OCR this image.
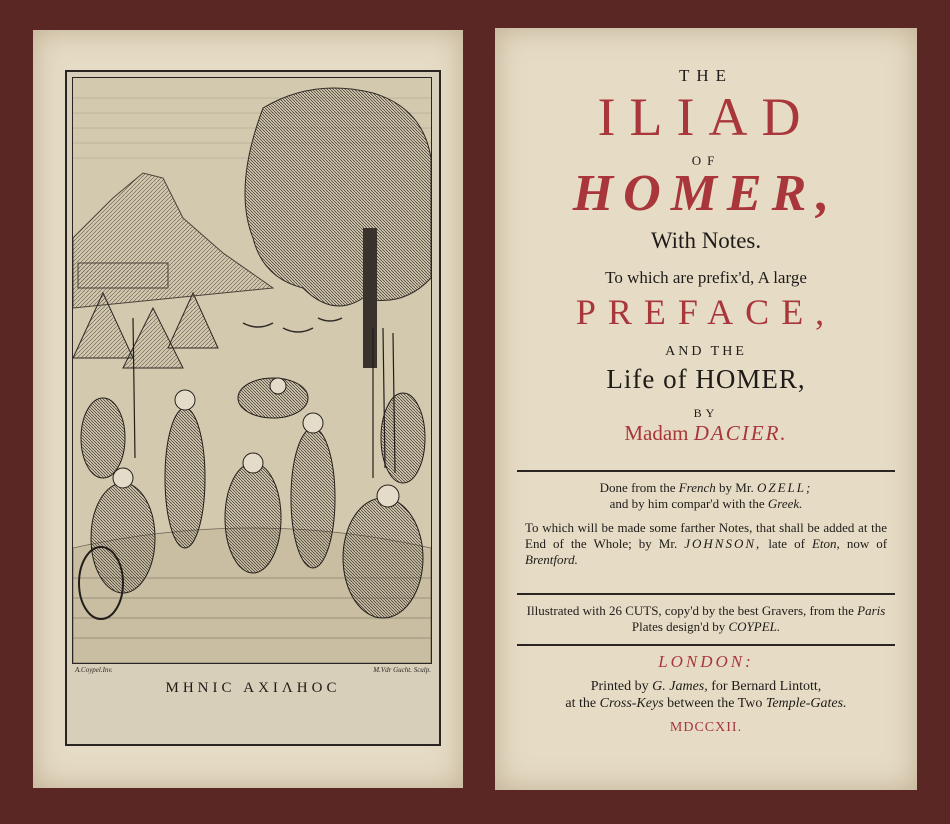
A.Coypel.Inv.	M.Vdr Gucht. Sculp.
ΜΗΝΙC ΑΧΙΛΗΟC
THE
ILIAD
OF
HOMER,
With Notes.
To which are prefix'd, A large
PREFACE,
AND THE
Life of HOMER,
BY
Madam DACIER.
Done from the French by Mr. OZELL;
and by him compar'd with the Greek.
To which will be made some farther Notes, that shall be added at the End of the Whole; by Mr. JOHNSON, late of Eton, now of Brentford.
Illustrated with 26 CUTS, copy'd by the best Gravers, from the Paris Plates design'd by COYPEL.
LONDON:
Printed by G. James, for Bernard Lintott,
at the Cross-Keys between the Two Temple-Gates.
MDCCXII.
